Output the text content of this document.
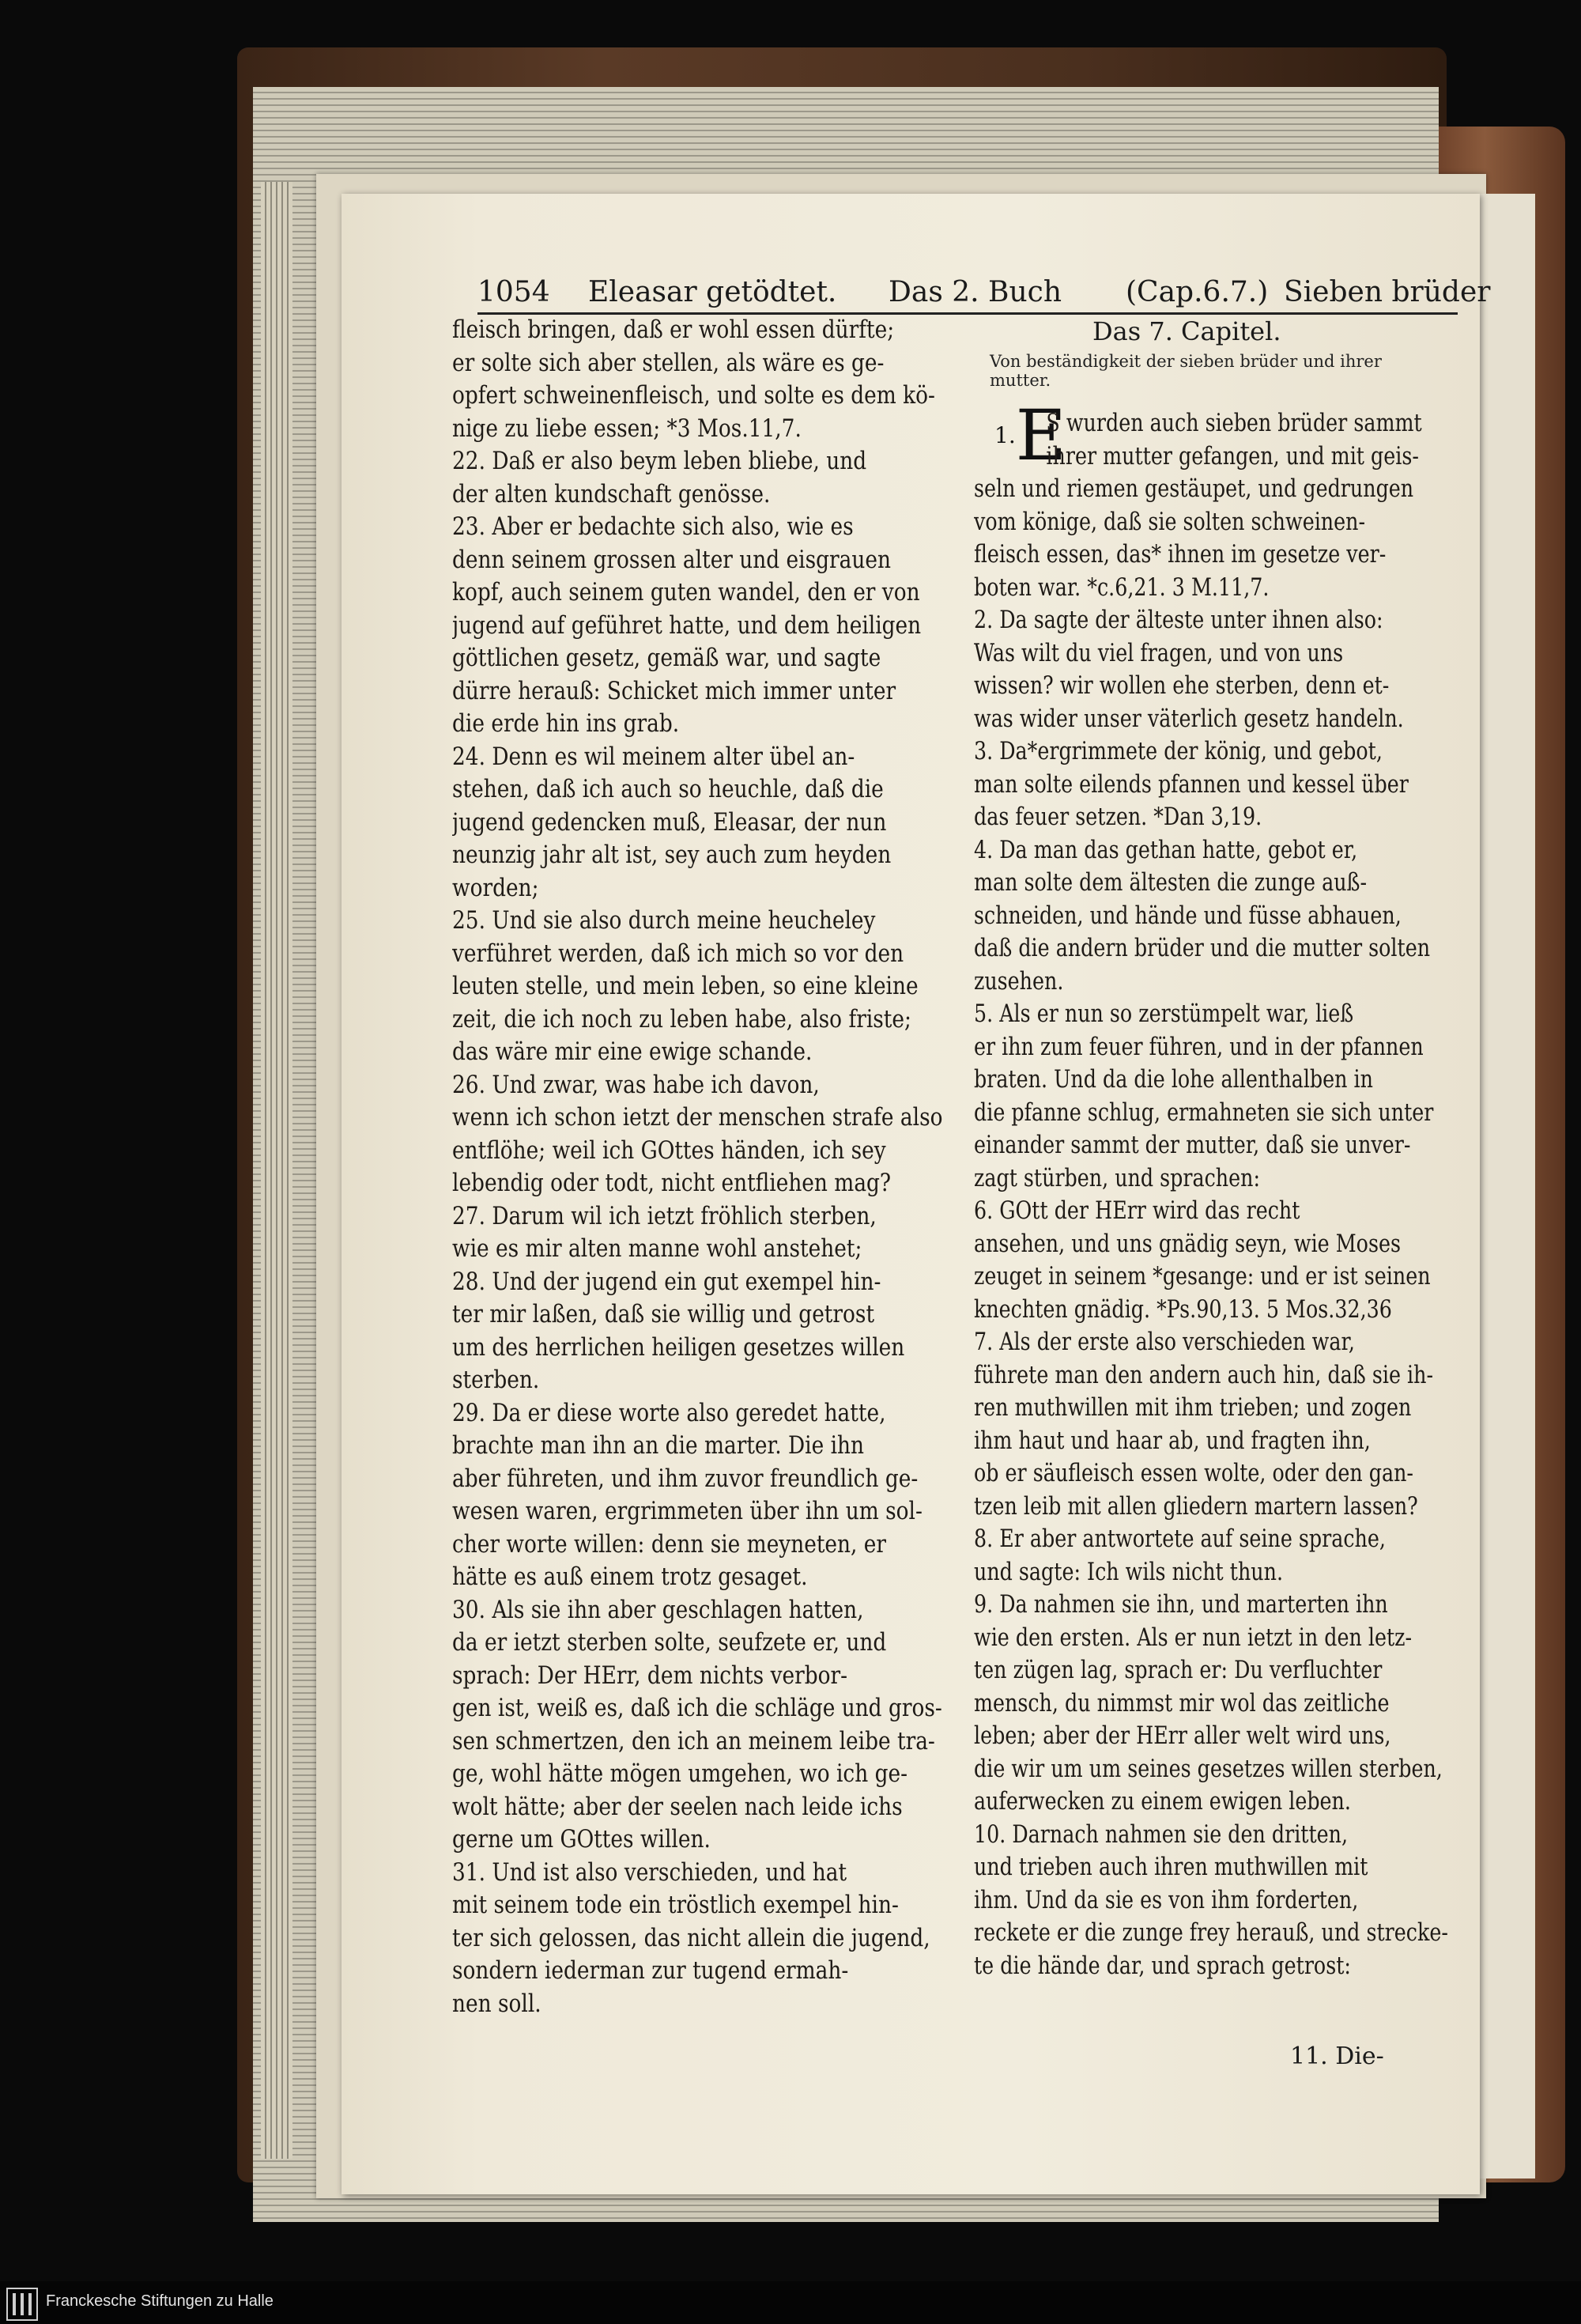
1054 Eleasar getödtet. Das 2. Buch (Cap.6.7.) Sieben brüder

fleisch bringen, daß er wohl essen dürfte;

er solte sich aber stellen, als wäre es ge-

opfert schweinenfleisch, und solte es dem kö-

nige zu liebe essen; *3 Mos.11,7.

22. Daß er also beym leben bliebe, und

der alten kundschaft genösse.

23. Aber er bedachte sich also, wie es

denn seinem grossen alter und eisgrauen

kopf, auch seinem guten wandel, den er von

jugend auf geführet hatte, und dem heiligen

göttlichen gesetz, gemäß war, und sagte

dürre herauß: Schicket mich immer unter

die erde hin ins grab.

24. Denn es wil meinem alter übel an-

stehen, daß ich auch so heuchle, daß die

jugend gedencken muß, Eleasar, der nun

neunzig jahr alt ist, sey auch zum heyden

worden;

25. Und sie also durch meine heucheley

verführet werden, daß ich mich so vor den

leuten stelle, und mein leben, so eine kleine

zeit, die ich noch zu leben habe, also friste;

das wäre mir eine ewige schande.

26. Und zwar, was habe ich davon,

wenn ich schon ietzt der menschen strafe also

entflöhe; weil ich GOttes händen, ich sey

lebendig oder todt, nicht entfliehen mag?

27. Darum wil ich ietzt fröhlich sterben,

wie es mir alten manne wohl anstehet;

28. Und der jugend ein gut exempel hin-

ter mir laßen, daß sie willig und getrost

um des herrlichen heiligen gesetzes willen

sterben.

29. Da er diese worte also geredet hatte,

brachte man ihn an die marter. Die ihn

aber führeten, und ihm zuvor freundlich ge-

wesen waren, ergrimmeten über ihn um sol-

cher worte willen: denn sie meyneten, er

hätte es auß einem trotz gesaget.

30. Als sie ihn aber geschlagen hatten,

da er ietzt sterben solte, seufzete er, und

sprach: Der HErr, dem nichts verbor-

gen ist, weiß es, daß ich die schläge und gros-

sen schmertzen, den ich an meinem leibe tra-

ge, wohl hätte mögen umgehen, wo ich ge-

wolt hätte; aber der seelen nach leide ichs

gerne um GOttes willen.

31. Und ist also verschieden, und hat

mit seinem tode ein tröstlich exempel hin-

ter sich gelossen, das nicht allein die jugend,

sondern iederman zur tugend ermah-

nen soll.

Das 7. Capitel.

Von beständigkeit der sieben brüder und ihrer

mutter.

$^{1.}$E

S wurden auch sieben brüder sammt

ihrer mutter gefangen, und mit geis-

seln und riemen gestäupet, und gedrungen

vom könige, daß sie solten schweinen-

fleisch essen, das* ihnen im gesetze ver-

boten war. *c.6,21. 3 M.11,7.

2. Da sagte der älteste unter ihnen also:

Was wilt du viel fragen, und von uns

wissen? wir wollen ehe sterben, denn et-

was wider unser väterlich gesetz handeln.

3. Da*ergrimmete der könig, und gebot,

man solte eilends pfannen und kessel über

das feuer setzen. *Dan 3,19.

4. Da man das gethan hatte, gebot er,

man solte dem ältesten die zunge auß-

schneiden, und hände und füsse abhauen,

daß die andern brüder und die mutter solten

zusehen.

5. Als er nun so zerstümpelt war, ließ

er ihn zum feuer führen, und in der pfannen

braten. Und da die lohe allenthalben in

die pfanne schlug, ermahneten sie sich unter

einander sammt der mutter, daß sie unver-

zagt stürben, und sprachen:

6. GOtt der HErr wird das recht

ansehen, und uns gnädig seyn, wie Moses

zeuget in seinem *gesange: und er ist seinen

knechten gnädig. *Ps.90,13. 5 Mos.32,36

7. Als der erste also verschieden war,

führete man den andern auch hin, daß sie ih-

ren muthwillen mit ihm trieben; und zogen

ihm haut und haar ab, und fragten ihn,

ob er säufleisch essen wolte, oder den gan-

tzen leib mit allen gliedern martern lassen?

8. Er aber antwortete auf seine sprache,

und sagte: Ich wils nicht thun.

9. Da nahmen sie ihn, und marterten ihn

wie den ersten. Als er nun ietzt in den letz-

ten zügen lag, sprach er: Du verfluchter

mensch, du nimmst mir wol das zeitliche

leben; aber der HErr aller welt wird uns,

die wir um um seines gesetzes willen sterben,

auferwecken zu einem ewigen leben.

10. Darnach nahmen sie den dritten,

und trieben auch ihren muthwillen mit

ihm. Und da sie es von ihm forderten,

reckete er die zunge frey herauß, und strecke-

te die hände dar, und sprach getrost:

11. Die-
Franckesche Stiftungen zu Halle
